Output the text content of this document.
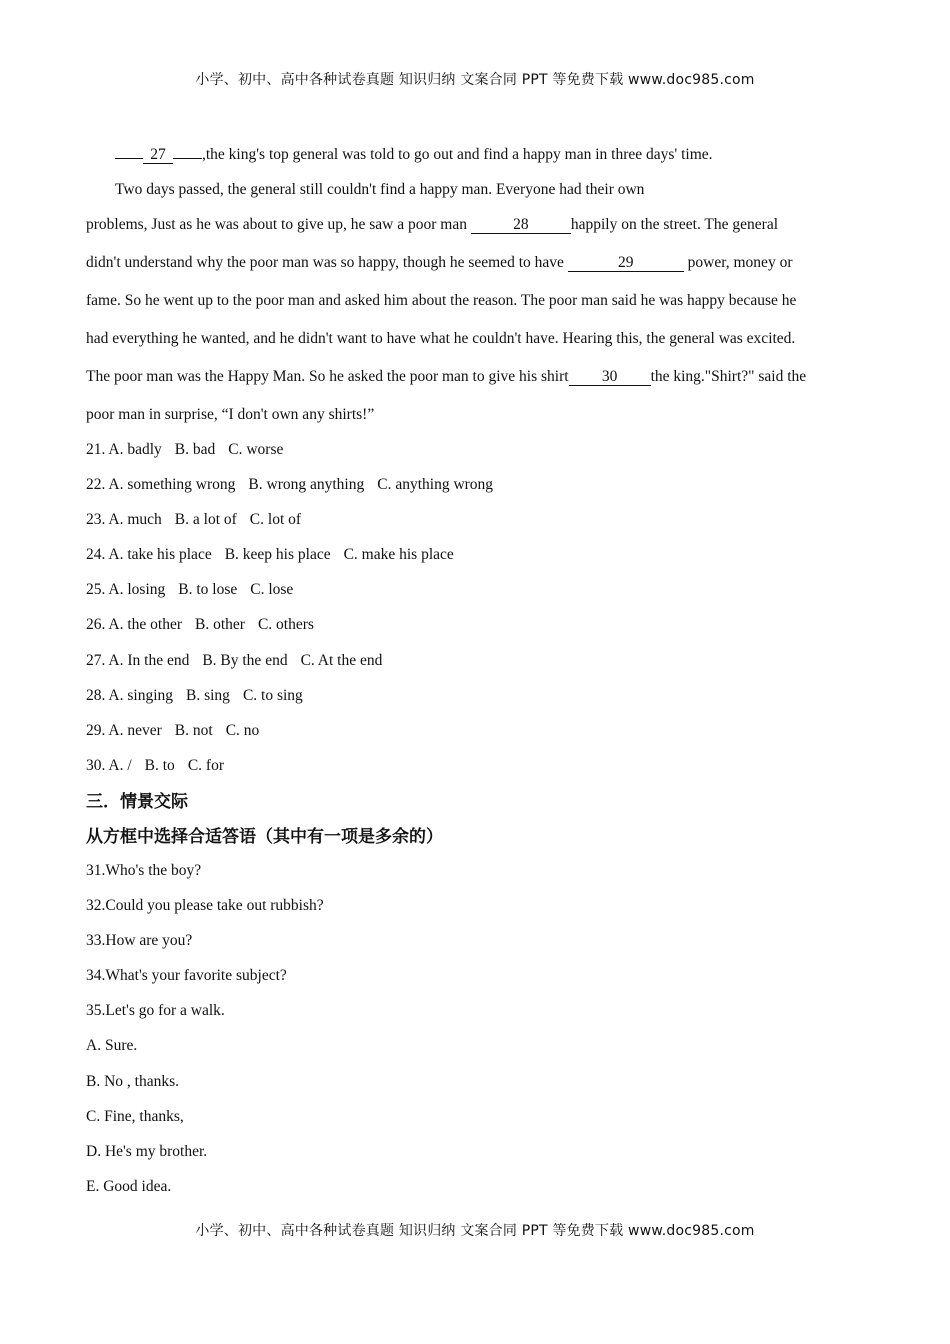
小学、初中、高中各种试卷真题 知识归纳 文案合同 PPT 等免费下载 www.doc985.com
27 ,the king's top general was told to go out and find a happy man in three days' time.
Two days passed, the general still couldn't find a happy man. Everyone had their own
problems, Just as he was about to give up, he saw a poor man	28	happily on the street. The general
didn't understand why the poor man was so happy, though he seemed to have	29	power, money or
fame. So he went up to the poor man and asked him about the reason. The poor man said he was happy because he
had everything he wanted, and he didn't want to have what he couldn't have. Hearing this, the general was excited.
The poor man was the Happy Man. So he asked the poor man to give his shirt 30 the king."Shirt?" said the
poor man in surprise, “I don't own any shirts!”
21. A. badly B. bad C. worse
22. A. something wrong B. wrong anything C. anything wrong
23. A. much B. a lot of C. lot of
24. A. take his place B. keep his place C. make his place
25. A. losing B. to lose C. lose
26. A. the other B. other C. others
27. A. In the end B. By the end C. At the end
28. A. singing B. sing C. to sing
29. A. never B. not C. no
30. A. / B. to C. for
三．情景交际
从方框中选择合适答语（其中有一项是多余的）
31.Who's the boy?
32.Could you please take out rubbish?
33.How are you?
34.What's your favorite subject?
35.Let's go for a walk.
A. Sure.
B. No , thanks.
C. Fine, thanks,
D. He's my brother.
E. Good idea.
小学、初中、高中各种试卷真题 知识归纳 文案合同 PPT 等免费下载 www.doc985.com
